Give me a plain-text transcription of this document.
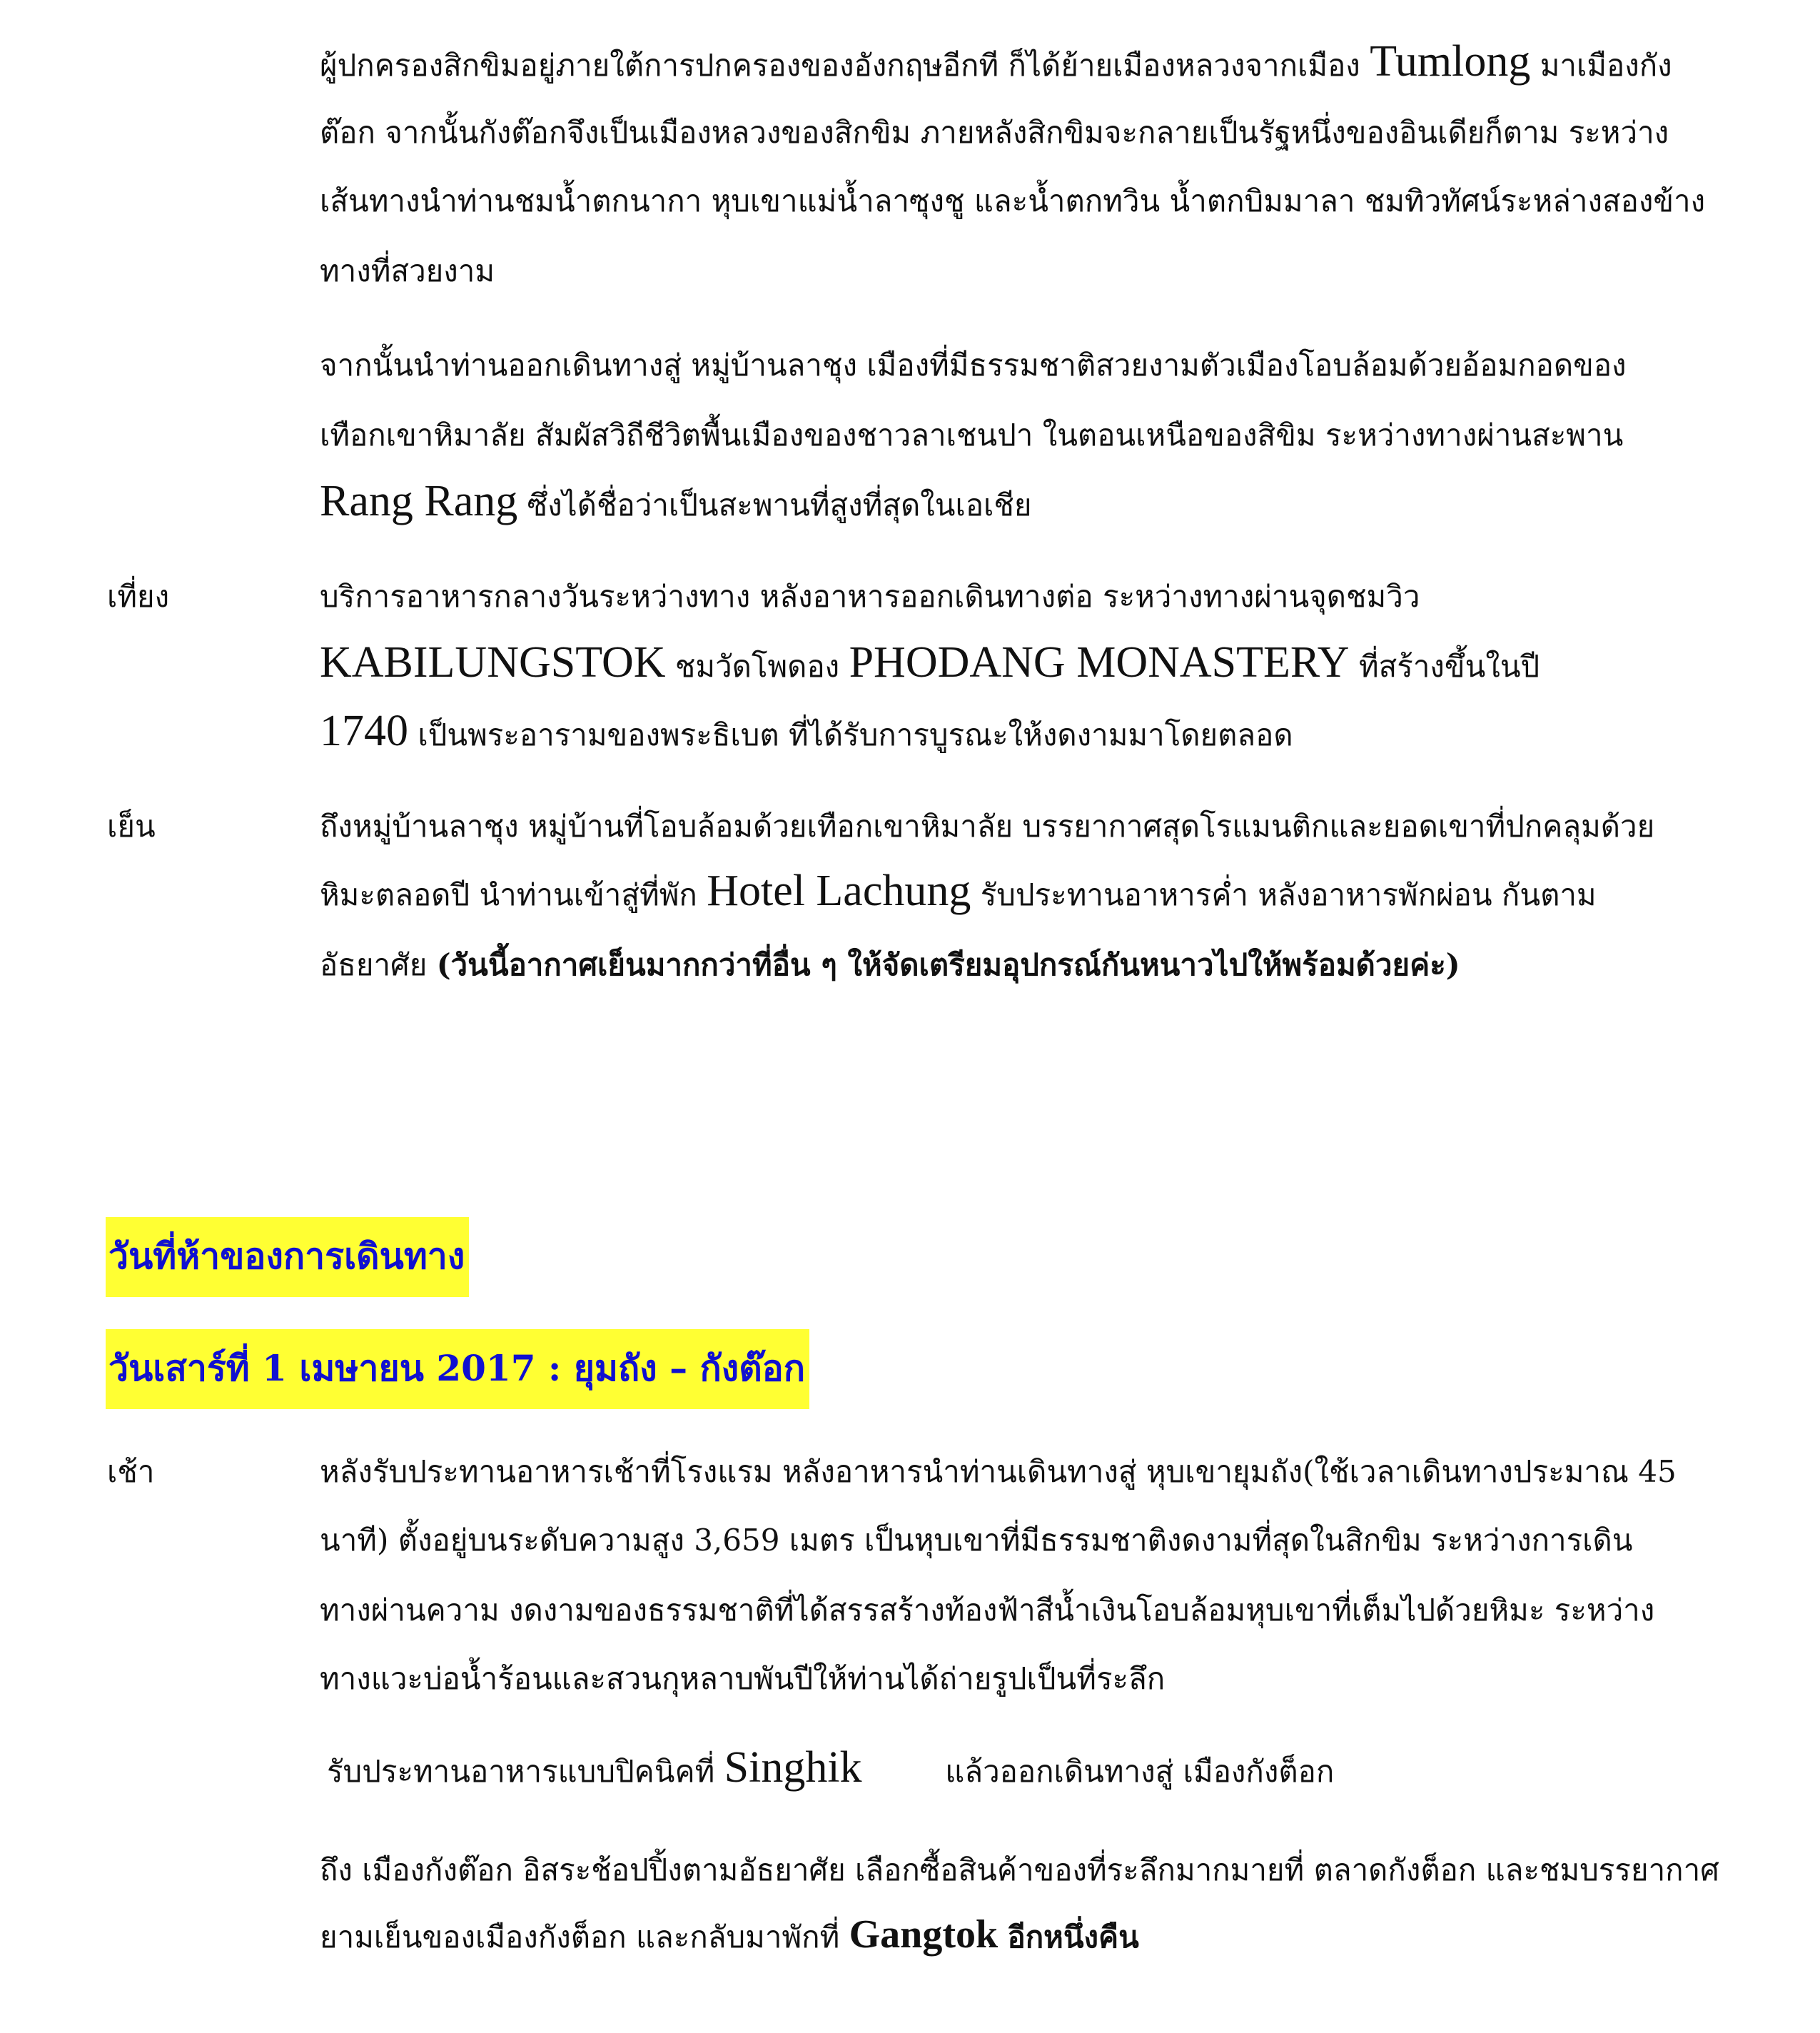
ผู้ปกครองสิกขิมอยู่ภายใต้การปกครองของอังกฤษอีกที ก็ได้ย้ายเมืองหลวงจากเมือง Tumlong มาเมืองกัง
ต๊อก จากนั้นกังต๊อกจึงเป็นเมืองหลวงของสิกขิม ภายหลังสิกขิมจะกลายเป็นรัฐหนึ่งของอินเดียก็ตาม ระหว่าง
เส้นทางนำท่านชมน้ำตกนากา หุบเขาแม่น้ำลาซุงชู และน้ำตกทวิน น้ำตกบิมมาลา ชมทิวทัศน์ระหล่างสองข้าง
ทางที่สวยงาม
จากนั้นนำท่านออกเดินทางสู่ หมู่บ้านลาชุง เมืองที่มีธรรมชาติสวยงามตัวเมืองโอบล้อมด้วยอ้อมกอดของ
เทือกเขาหิมาลัย สัมผัสวิถีชีวิตพื้นเมืองของชาวลาเชนปา ในตอนเหนือของสิขิม ระหว่างทางผ่านสะพาน
Rang Rang ซึ่งได้ชื่อว่าเป็นสะพานที่สูงที่สุดในเอเชีย
เที่ยง	บริการอาหารกลางวันระหว่างทาง หลังอาหารออกเดินทางต่อ ระหว่างทางผ่านจุดชมวิว
KABILUNGSTOK ชมวัดโพดอง PHODANG MONASTERY ที่สร้างขึ้นในปี
1740 เป็นพระอารามของพระธิเบต ที่ได้รับการบูรณะให้งดงามมาโดยตลอด
เย็น	ถึงหมู่บ้านลาชุง หมู่บ้านที่โอบล้อมด้วยเทือกเขาหิมาลัย บรรยากาศสุดโรแมนติกและยอดเขาที่ปกคลุมด้วย
หิมะตลอดปี นำท่านเข้าสู่ที่พัก Hotel Lachung รับประทานอาหารค่ำ หลังอาหารพักผ่อน กันตาม
อัธยาศัย (วันนี้อากาศเย็นมากกว่าที่อื่น ๆ ให้จัดเตรียมอุปกรณ์กันหนาวไปให้พร้อมด้วยค่ะ)
วันที่ห้าของการเดินทาง
วันเสาร์ที่ 1 เมษายน 2017 : ยุมถัง – กังต๊อก
เช้า	หลังรับประทานอาหารเช้าที่โรงแรม หลังอาหารนำท่านเดินทางสู่ หุบเขายุมถัง(ใช้เวลาเดินทางประมาณ 45
นาที) ตั้งอยู่บนระดับความสูง 3,659 เมตร เป็นหุบเขาที่มีธรรมชาติงดงามที่สุดในสิกขิม ระหว่างการเดิน
ทางผ่านความ งดงามของธรรมชาติที่ได้สรรสร้างท้องฟ้าสีน้ำเงินโอบล้อมหุบเขาที่เต็มไปด้วยหิมะ ระหว่าง
ทางแวะบ่อน้ำร้อนและสวนกุหลาบพันปีให้ท่านได้ถ่ายรูปเป็นที่ระลึก
รับประทานอาหารแบบปิคนิคที่ Singhik	แล้วออกเดินทางสู่ เมืองกังต็อก
ถึง เมืองกังต๊อก อิสระช้อปปิ้งตามอัธยาศัย เลือกซื้อสินค้าของที่ระลึกมากมายที่ ตลาดกังต็อก และชมบรรยากาศ
ยามเย็นของเมืองกังต็อก และกลับมาพักที่ Gangtok อีกหนึ่งคืน
